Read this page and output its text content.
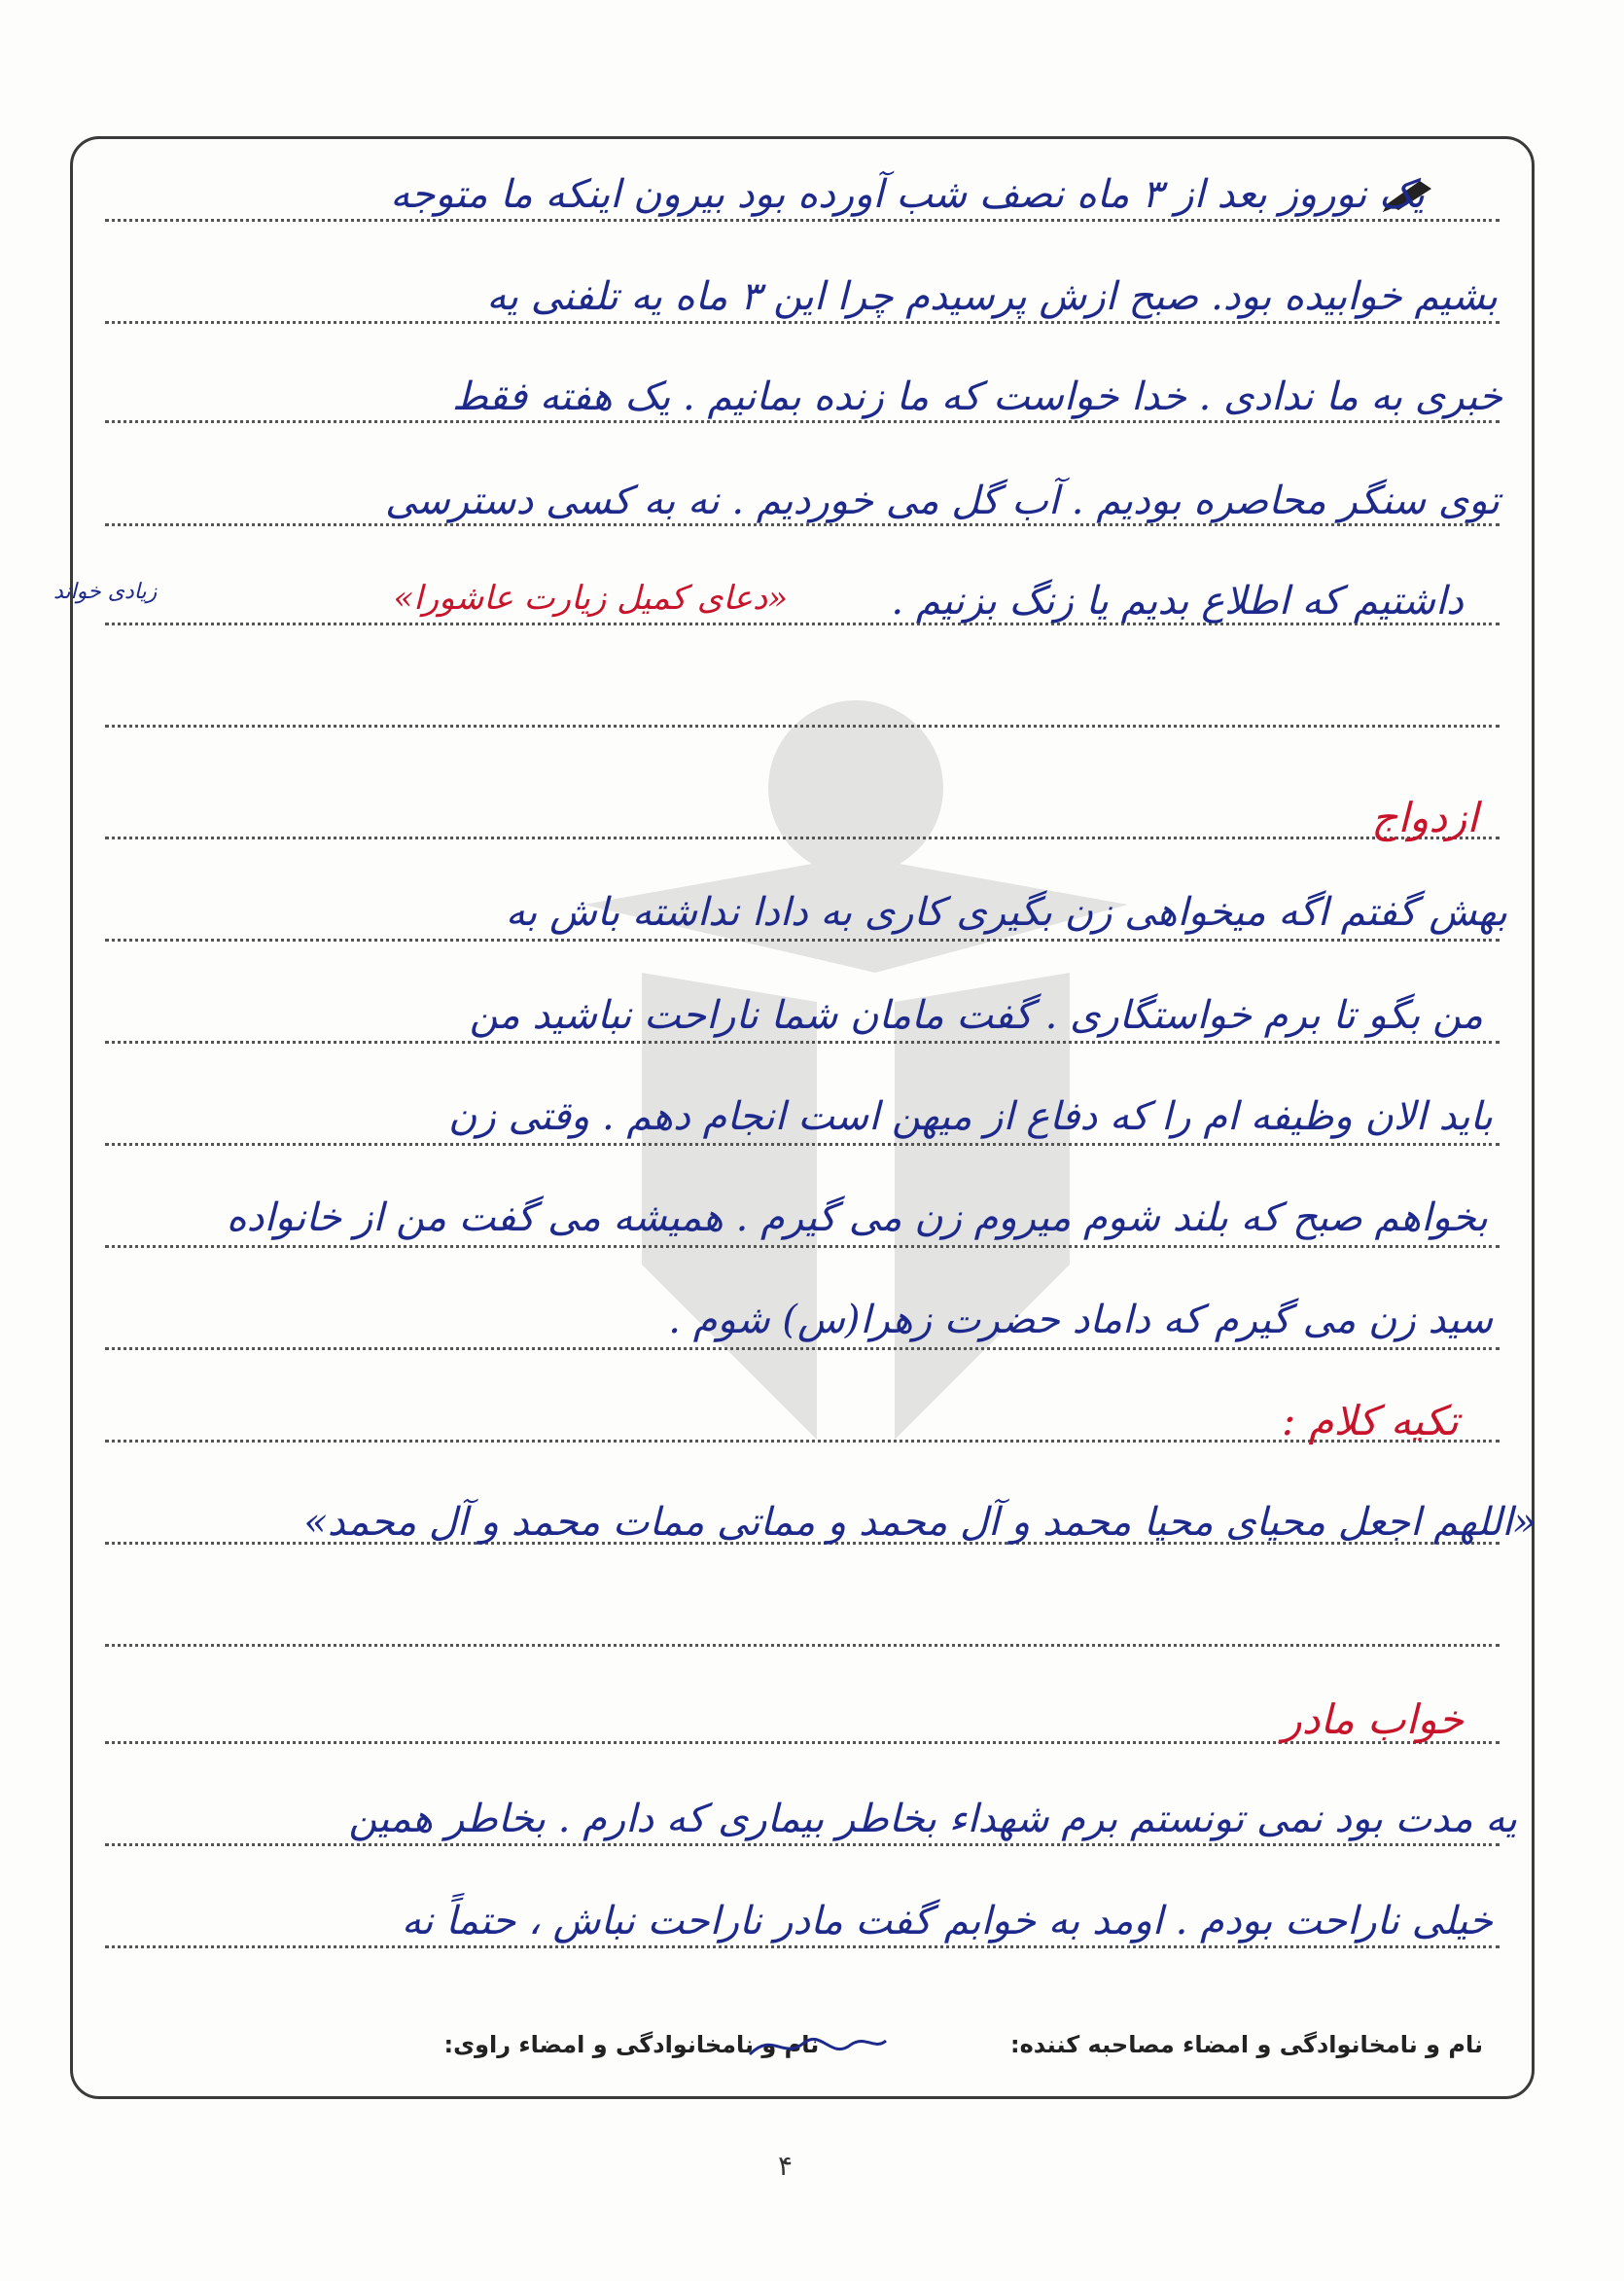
یک نوروز بعد از ۳ ماه نصف شب آورده بود بیرون اینکه ما متوجه
بشیم خوابیده بود. صبح ازش پرسیدم چرا این ۳ ماه یه تلفنی یه
خبری به ما ندادی . خدا خواست که ما زنده بمانیم . یک هفته فقط
توی سنگر محاصره بودیم . آب گل می خوردیم . نه به کسی دسترسی
داشتیم که اطلاع بدیم یا زنگ بزنیم .
«دعای کمیل زیارت عاشورا»
زیادی خواند
ازدواج
بهش گفتم اگه میخواهی زن بگیری کاری به دادا نداشته باش به
من بگو تا برم خواستگاری . گفت مامان شما ناراحت نباشید من
باید الان وظیفه ام را که دفاع از میهن است انجام دهم . وقتی زن
بخواهم صبح که بلند شوم میروم زن می گیرم . همیشه می گفت من از خانواده
سید زن می گیرم که داماد حضرت زهرا(س) شوم .
تکیه کلام :
«اللهم اجعل محیای محیا محمد و آل محمد و مماتی ممات محمد و آل محمد»
خواب مادر
یه مدت بود نمی تونستم برم شهداء بخاطر بیماری که دارم . بخاطر همین
خیلی ناراحت بودم . اومد به خوابم گفت مادر ناراحت نباش ، حتماً نه
نام و نامخانوادگی و امضاء مصاحبه کننده:  نام و نامخانوادگی و امضاء راوی:
۴
